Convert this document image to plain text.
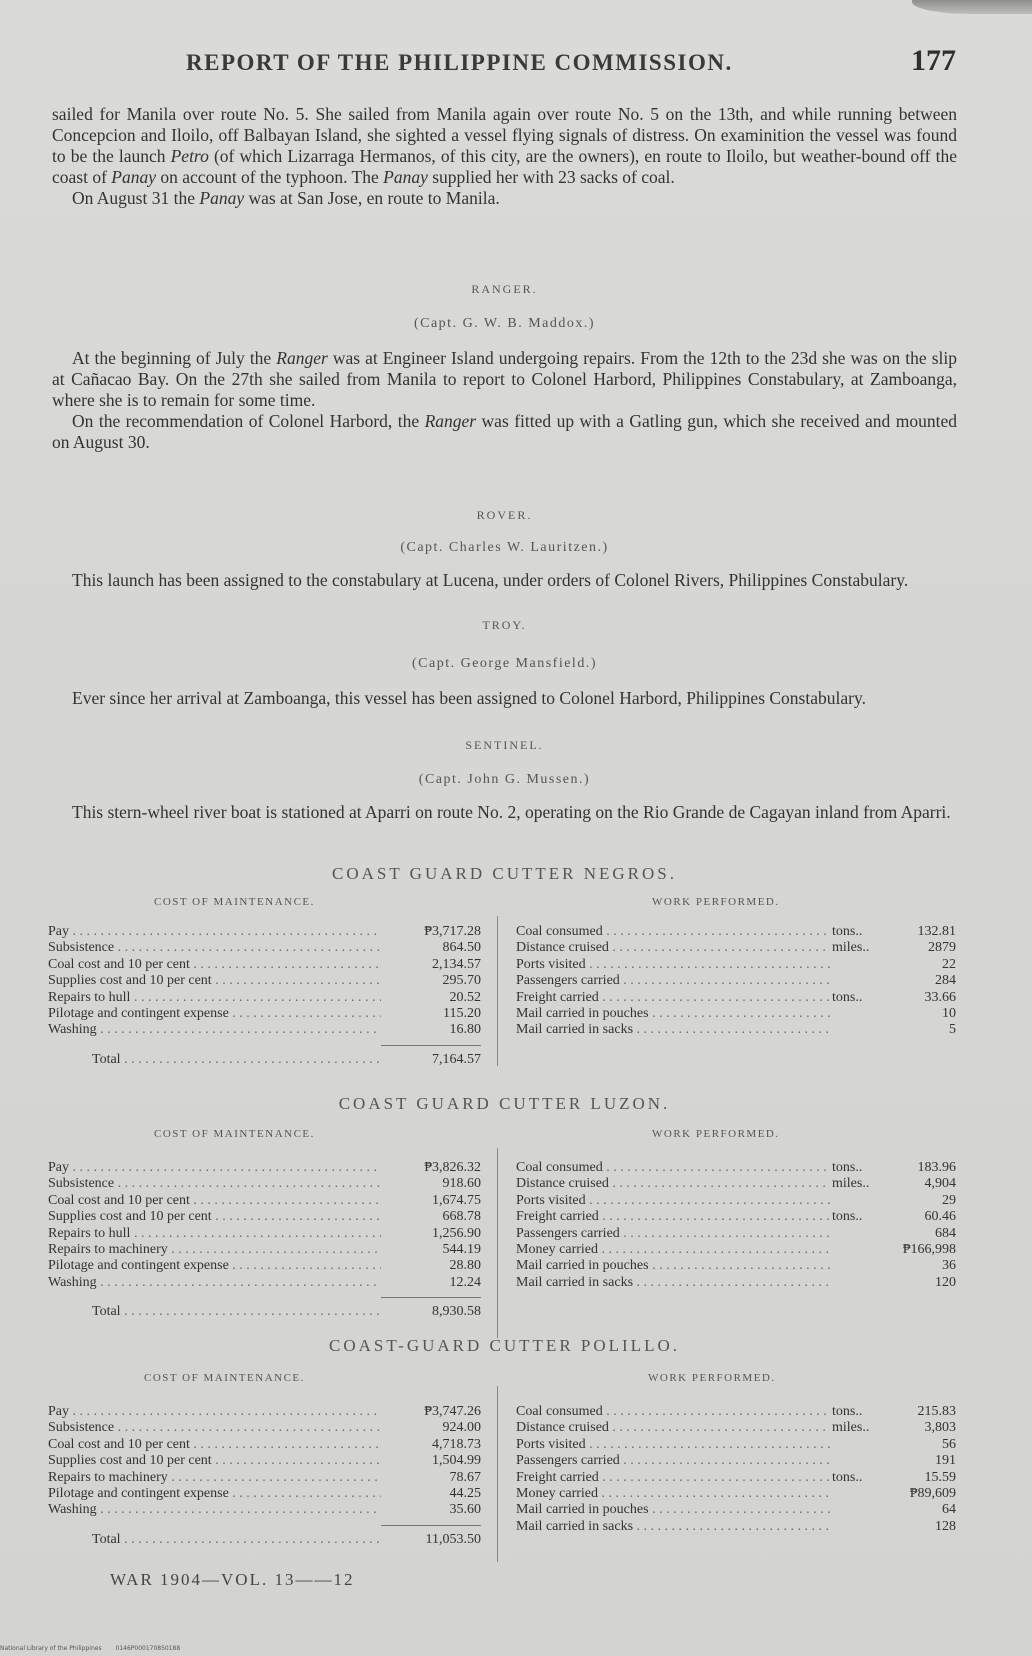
REPORT OF THE PHILIPPINE COMMISSION.	177

sailed for Manila over route No. 5. She sailed from Manila again over route No. 5 on the 13th, and while running between Concepcion and Iloilo, off Balbayan Island, she sighted a vessel flying signals of distress. On examinition the vessel was found to be the launch Petro (of which Lizarraga Hermanos, of this city, are the owners), en route to Iloilo, but weather-bound off the coast of Panay on account of the typhoon. The Panay supplied her with 23 sacks of coal.

On August 31 the Panay was at San Jose, en route to Manila.

RANGER.
(Capt. G. W. B. Maddox.)

At the beginning of July the Ranger was at Engineer Island undergoing repairs. From the 12th to the 23d she was on the slip at Cañacao Bay. On the 27th she sailed from Manila to report to Colonel Harbord, Philippines Constabulary, at Zamboanga, where she is to remain for some time.

On the recommendation of Colonel Harbord, the Ranger was fitted up with a Gatling gun, which she received and mounted on August 30.

ROVER.
(Capt. Charles W. Lauritzen.)

This launch has been assigned to the constabulary at Lucena, under orders of Colonel Rivers, Philippines Constabulary.

TROY.
(Capt. George Mansfield.)

Ever since her arrival at Zamboanga, this vessel has been assigned to Colonel Harbord, Philippines Constabulary.

SENTINEL.
(Capt. John G. Mussen.)

This stern-wheel river boat is stationed at Aparri on route No. 2, operating on the Rio Grande de Cagayan inland from Aparri.

COAST GUARD CUTTER NEGROS.
COST OF MAINTENANCE.	WORK PERFORMED.
Pay . . .	₱3,717.28
Subsistence . . .	864.50
Coal cost and 10 per cent . . .	2,134.57
Supplies cost and 10 per cent . . .	295.70
Repairs to hull . . .	20.52
Pilotage and contingent expense . . .	115.20
Washing . . .	16.80
Total . . .	7,164.57
Coal consumed . . .	tons..	132.81
Distance cruised . . .	miles..	2879
Ports visited . . .	22
Passengers carried . . .	284
Freight carried . . .	tons..	33.66
Mail carried in pouches . . .	10
Mail carried in sacks . . .	5
COAST GUARD CUTTER LUZON.
COST OF MAINTENANCE.	WORK PERFORMED.
Pay . . .	₱3,826.32
Subsistence . . .	918.60
Coal cost and 10 per cent . . .	1,674.75
Supplies cost and 10 per cent . . .	668.78
Repairs to hull . . .	1,256.90
Repairs to machinery . . .	544.19
Pilotage and contingent expense . . .	28.80
Washing . . .	12.24
Total . . .	8,930.58
Coal consumed . . .	tons..	183.96
Distance cruised . . .	miles..	4,904
Ports visited . . .	29
Freight carried . . .	tons..	60.46
Passengers carried . . .	684
Money carried . . .	₱166,998
Mail carried in pouches . . .	36
Mail carried in sacks . . .	120
COAST-GUARD CUTTER POLILLO.
COST OF MAINTENANCE.	WORK PERFORMED.
Pay . . .	₱3,747.26
Subsistence . . .	924.00
Coal cost and 10 per cent . . .	4,718.73
Supplies cost and 10 per cent . . .	1,504.99
Repairs to machinery . . .	78.67
Pilotage and contingent expense . . .	44.25
Washing . . .	35.60
Total . . .	11,053.50
Coal consumed . . .	tons..	215.83
Distance cruised . . .	miles..	3,803
Ports visited . . .	56
Passengers carried . . .	191
Freight carried . . .	tons..	15.59
Money carried . . .	₱89,609
Mail carried in pouches . . .	64
Mail carried in sacks . . .	128
WAR 1904—VOL. 13——12
National Library of the Philippines 0146P000170850188
